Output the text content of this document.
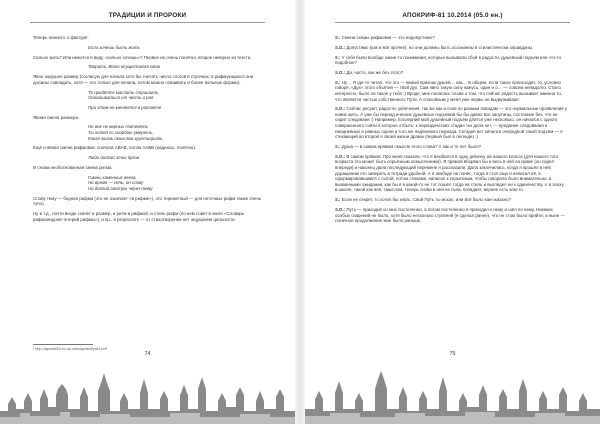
ТРАДИЦИИ И ПРОРОКИ
Теперь немного о фактуре:
Если хочешь быть жить
Сильно жить? Или имеется в виду «сильно хочешь»? Первое не очень понятно, второе неверно из текста.
Творить, Волю осуществляя свою
Явно нарушен размер (согласую для начала хотя бы считать число слогов в строчках: в рифмующихся они должны совпадать, хотя — это только для начала, потом можно осваивать и более вольные формы).
То придётся маслать страшить,
Отказываться от честь и рая
При этом не меняется в рассвете
Явная смена размера.
Но вне не верных Натенеть
Ты хотел со скорбою умереть,
Какая жизнь смыслом хрустиорить
Ещё и явная смена рифмовки: сначала ABAB, потом AABB (надеюсь, понятно).
Люди долгий этих духов
И снова необоснованная смена ритма.
Гимны каменных веков,
Но время — ночь, он слову
На долгий смотрю через тему
Слову тему — бедная рифма (это не означает «в рифме»), это тереметный — для неточных рифм также очень тупо).
Ну и т.д., почти везде скачет и размер, и ритм и рифмой, и стиль рифм (по нем совет в книге «Словарь рифмоиндоев-тетерий рифмы»), и пр., в результате — от стихотворения нет ощущения цельности.
¹ http://apokrif93.ec-on.com/apokrif/pr83.pdf
74
АПОКРИФ-81 10.2014 (05.0 ен.)
Ξ.: Смена схемы рифмовки — это недопустимо?
Ξ.Ο.: Допустимо (как и всё прочее), но они должны быть осознанны в стилистически оправданы.
Ξ.: У тебя были вообще какие-то понимания, которые вызывали сбой в радости, душевный подъём или что-то подобное?
Ξ.Ο.: Да, часто, как же без этого?
Ξ.: Ну… Я где-то читал, что это — явный признак душей… как… В общем, если такое происходит, то, условно говоря, «Дух» этого объятия — твой дух. Сам явно такую силу кажусь, один и о… — совсем ненадолго. Стало интересно, было ли такое у тебя :) Вроде, мне попалась слова о том, что сейчас радость вызывает именно то, что является частью собственного Пути. А спокойным у меня уже нервы не выдерживают.
Ξ.Ο.: Сейчас рисуют, радости, увлечения, так же как и снов по разным поводам — это нормальные проявления у нових жить. А уже бы период ических душевных подъёмов бы бы давно все запутаны, состояние без, что не сидит следовани :) Например, последний мой душевный подъём длится уже несколько, он начался с одного совершенного сойти в которое отбыть: к периодических стадия тех дела нет, — предание следования и ежедневных и равных оцени и того же ледянового периода. Сегодня вот начался очередной такой подъём — я стекающий во второй я своей жизни драмы (первый был в легенде) :)
Ξ.: Душа — в самом прямом смысле этого слова? А как и те лет было?
Ξ.Ο.: В самом прямом. Про меня сказали, что я влюбился в одну девочку на нашего класса (для нашего того возраста это может быть серьёзным осмыслением). Я прямой вборвал бы и весь в ней на праве (он сидел впереди) и наконец дала последующий перемене я рассказали. Дала закончилась, когда я прошёл в ней доращению его заверить в тетради удобной. А я звободе не понёс, тогда я стоп еще и написал её, в сформировавшимся с сытой, потом стихами, написал к серьёзным, чтобы говорила было внимательно, а вызванными ожидании, как бы я в какой-то не тот пошёл тогда на стиль и выглядел ни к одиночеству. А в эпоху в школе, такой как неё, смыслом, теперь снова в ней не пыль попадает, вернее есть кем-то.
Ξ.: Если не секрет, то хотел бы знать: Свой Путь ты искал, или всё было как-сказано?
Ξ.Ο.: Путь — приходил ко мне постепенно, а потом постепенно я приходил к нему и шёл по нему. Никаких особых озарений не было, хотя было несколько ступеней (я сделал ранее), что не стою было прийти, и ныне — логичное продолжение мне было раньше.
75
